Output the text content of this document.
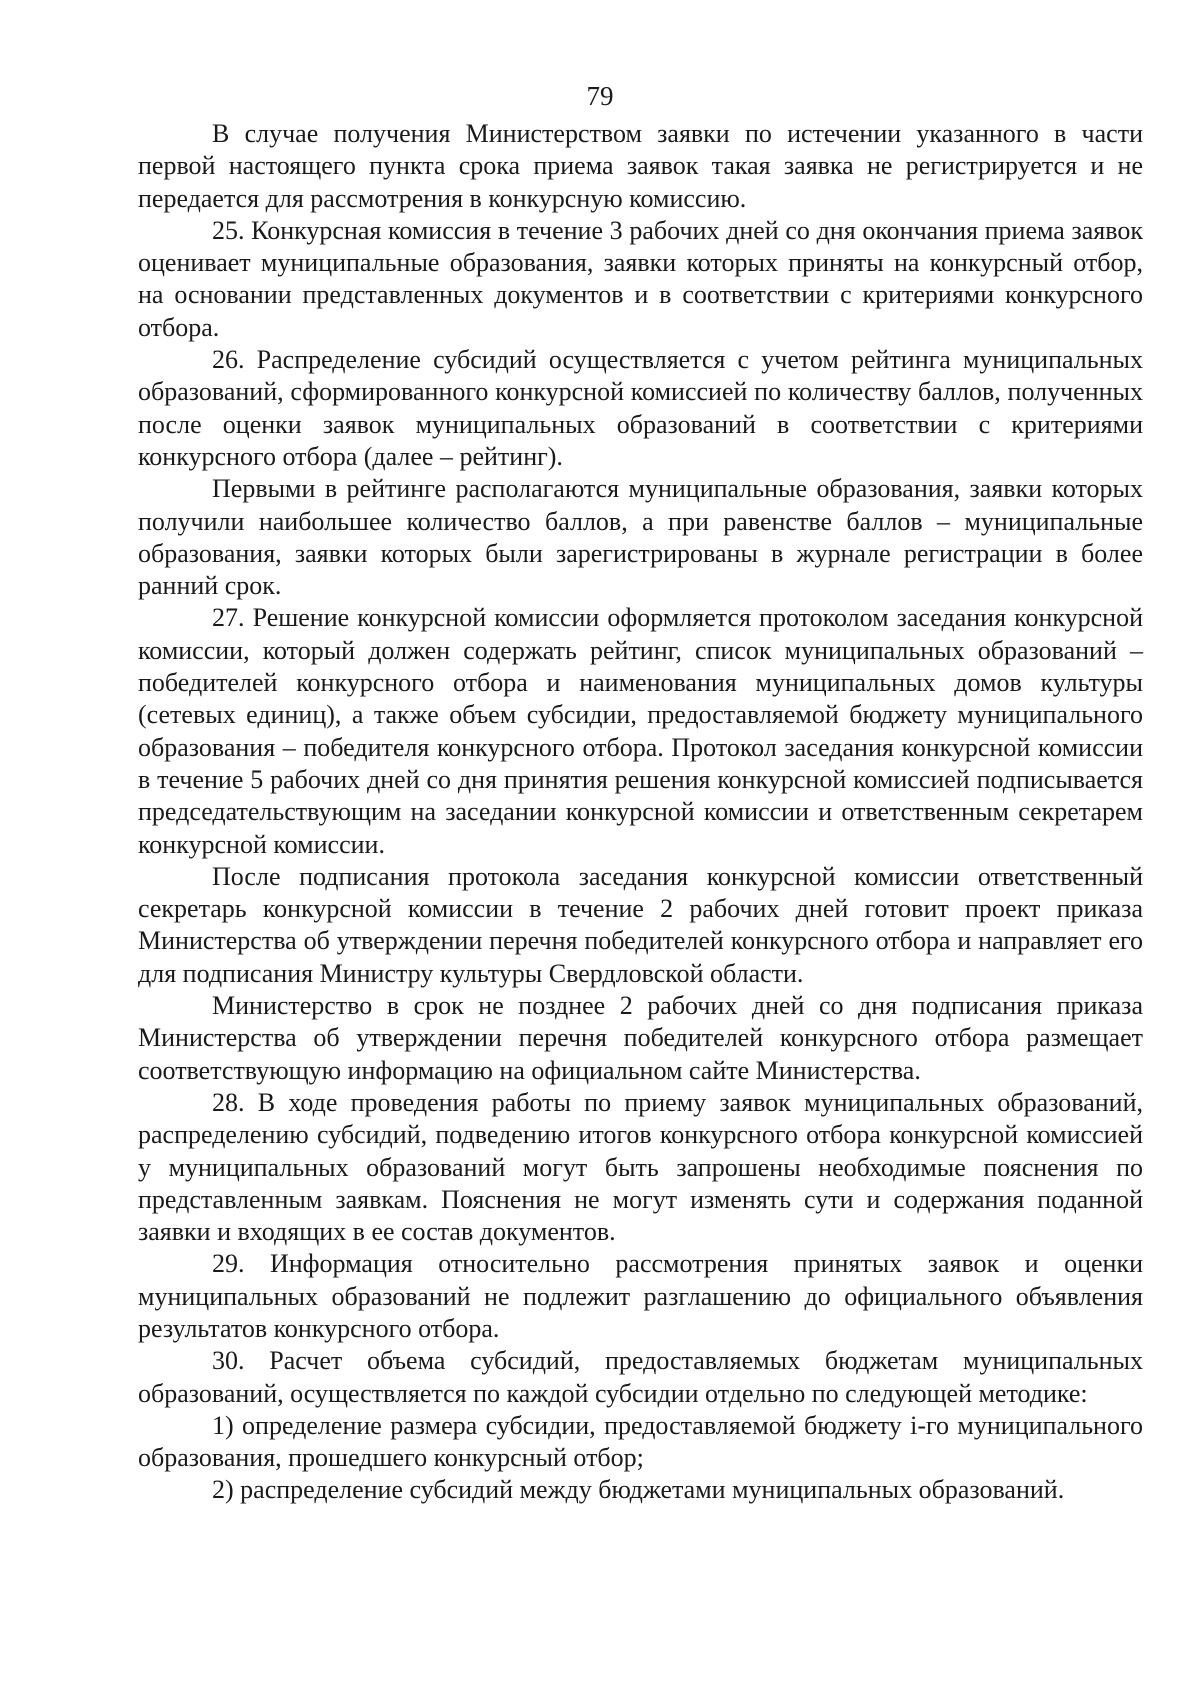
79

В случае получения Министерством заявки по истечении указанного в части первой настоящего пункта срока приема заявок такая заявка не регистрируется и не передается для рассмотрения в конкурсную комиссию.

25. Конкурсная комиссия в течение 3 рабочих дней со дня окончания приема заявок оценивает муниципальные образования, заявки которых приняты на конкурсный отбор, на основании представленных документов и в соответствии с критериями конкурсного отбора.

26. Распределение субсидий осуществляется с учетом рейтинга муниципальных образований, сформированного конкурсной комиссией по количеству баллов, полученных после оценки заявок муниципальных образований в соответствии с критериями конкурсного отбора (далее – рейтинг).

Первыми в рейтинге располагаются муниципальные образования, заявки которых получили наибольшее количество баллов, а при равенстве баллов – муниципальные образования, заявки которых были зарегистрированы в журнале регистрации в более ранний срок.

27. Решение конкурсной комиссии оформляется протоколом заседания конкурсной комиссии, который должен содержать рейтинг, список муниципальных образований – победителей конкурсного отбора и наименования муниципальных домов культуры (сетевых единиц), а также объем субсидии, предоставляемой бюджету муниципального образования – победителя конкурсного отбора. Протокол заседания конкурсной комиссии в течение 5 рабочих дней со дня принятия решения конкурсной комиссией подписывается председательствующим на заседании конкурсной комиссии и ответственным секретарем конкурсной комиссии.

После подписания протокола заседания конкурсной комиссии ответственный секретарь конкурсной комиссии в течение 2 рабочих дней готовит проект приказа Министерства об утверждении перечня победителей конкурсного отбора и направляет его для подписания Министру культуры Свердловской области.

Министерство в срок не позднее 2 рабочих дней со дня подписания приказа Министерства об утверждении перечня победителей конкурсного отбора размещает соответствующую информацию на официальном сайте Министерства.

28. В ходе проведения работы по приему заявок муниципальных образований, распределению субсидий, подведению итогов конкурсного отбора конкурсной комиссией у муниципальных образований могут быть запрошены необходимые пояснения по представленным заявкам. Пояснения не могут изменять сути и содержания поданной заявки и входящих в ее состав документов.

29. Информация относительно рассмотрения принятых заявок и оценки муниципальных образований не подлежит разглашению до официального объявления результатов конкурсного отбора.

30. Расчет объема субсидий, предоставляемых бюджетам муниципальных образований, осуществляется по каждой субсидии отдельно по следующей методике:

1) определение размера субсидии, предоставляемой бюджету i-го муниципального образования, прошедшего конкурсный отбор;

2) распределение субсидий между бюджетами муниципальных образований.
